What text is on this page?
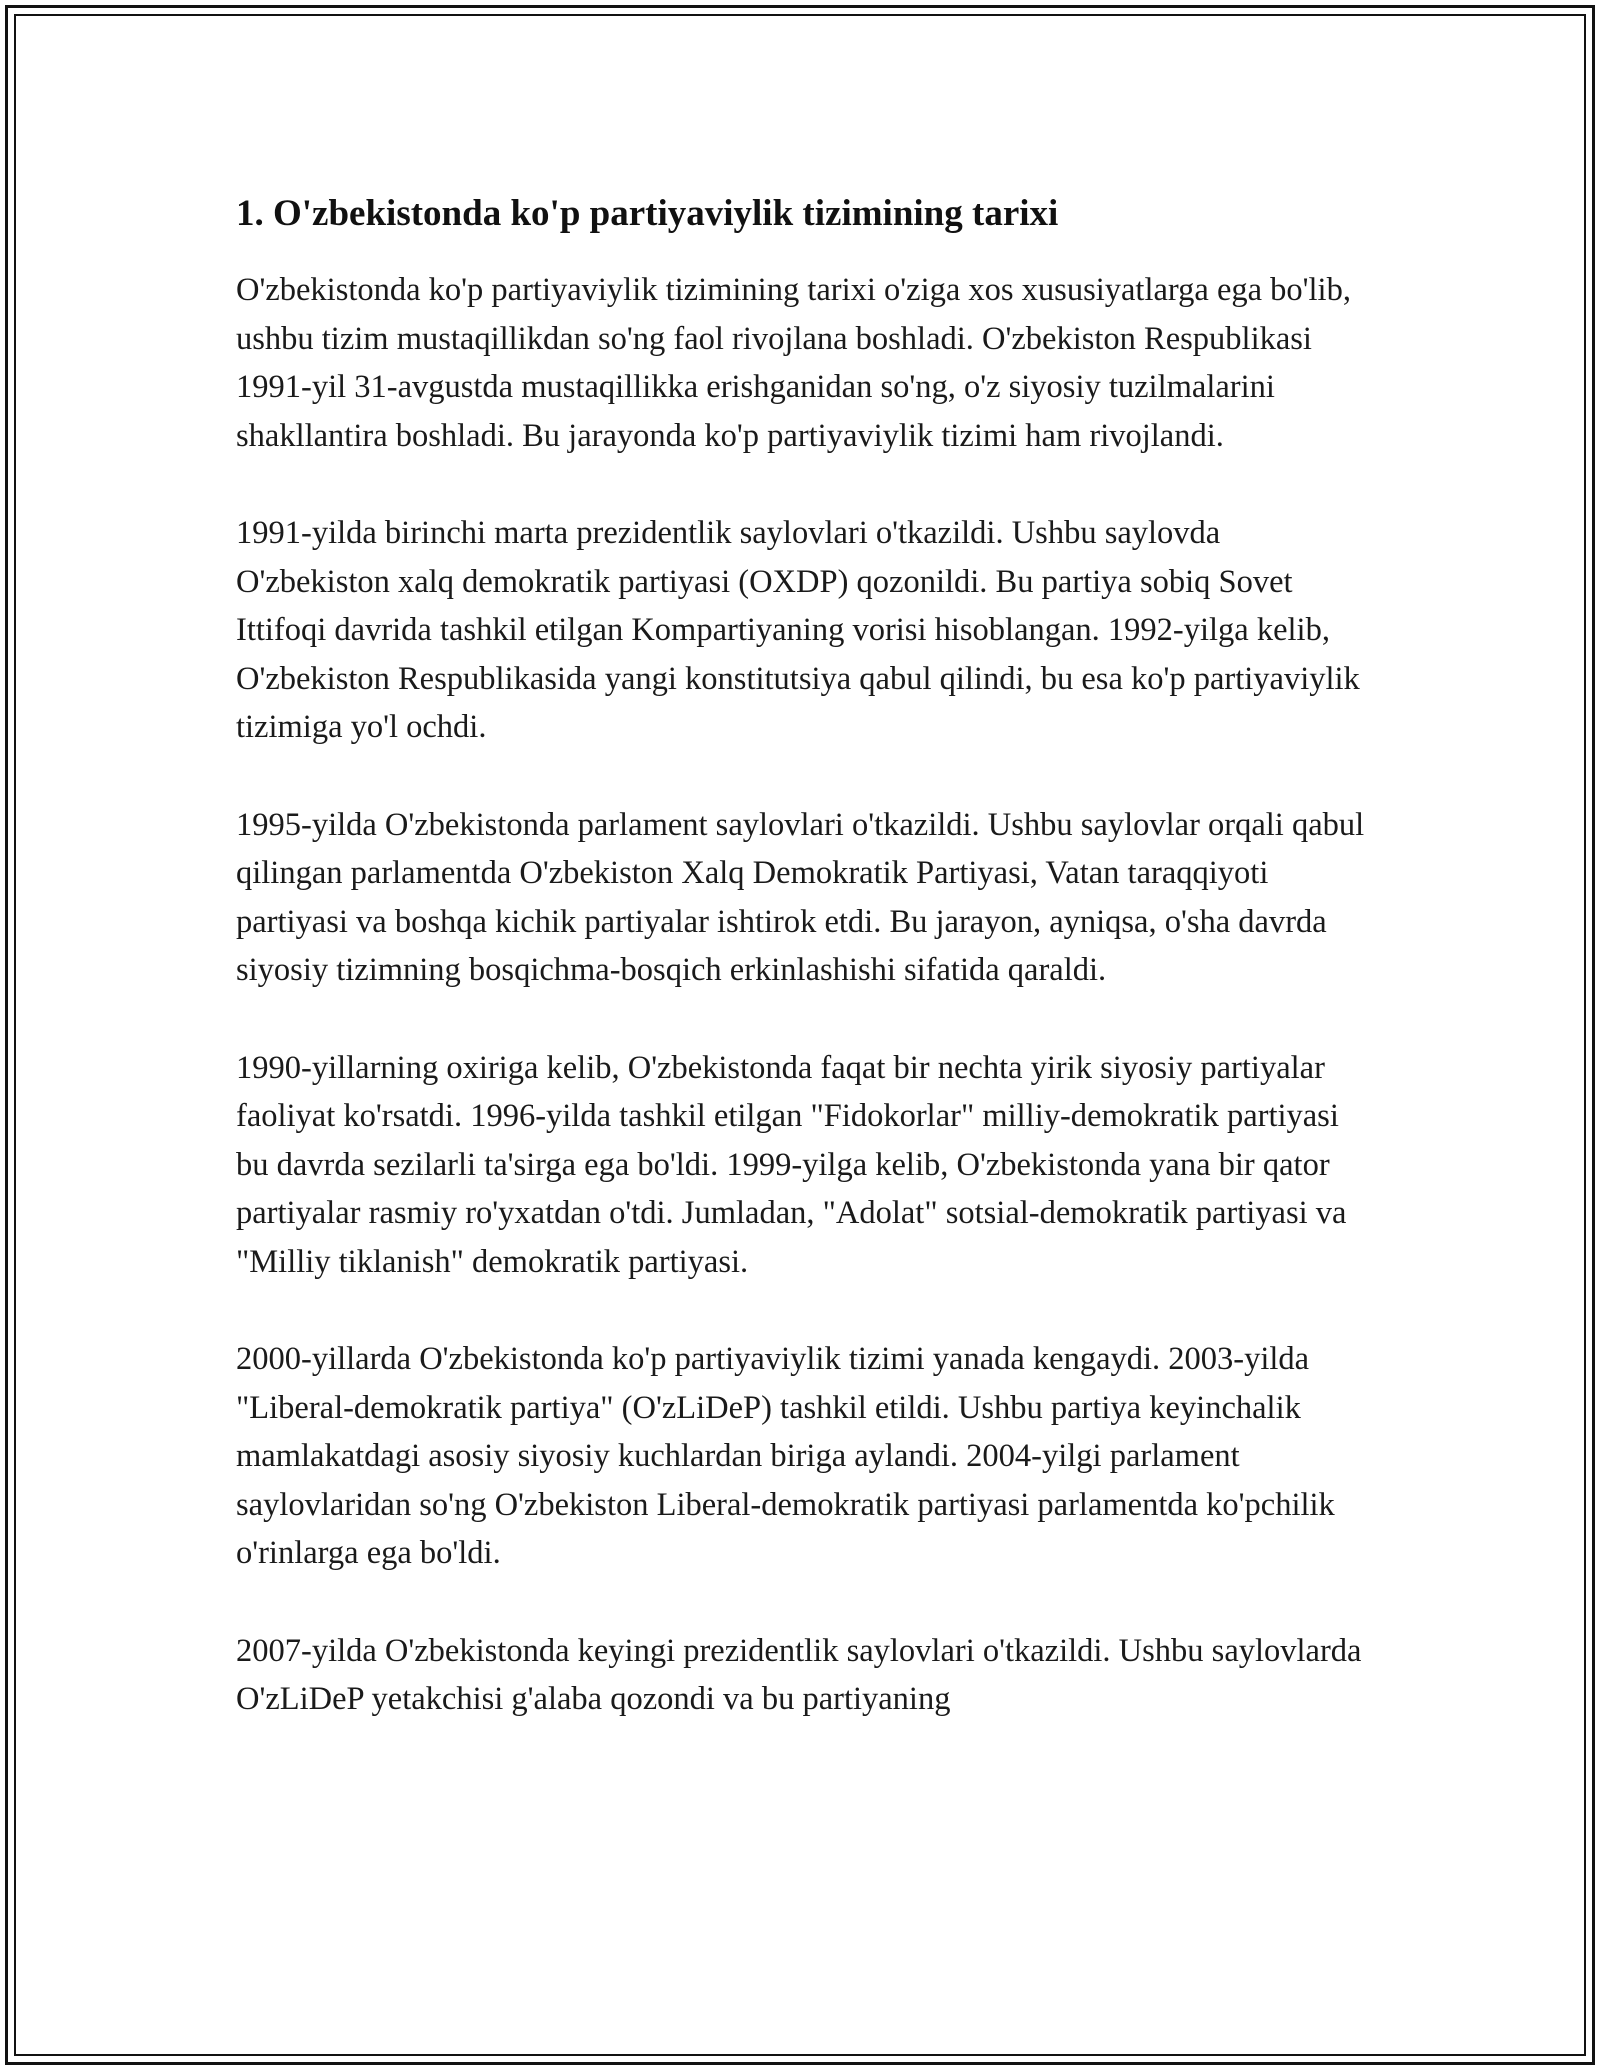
1. O'zbekistonda ko'p partiyaviylik tizimining tarixi

O'zbekistonda ko'p partiyaviylik tizimining tarixi o'ziga xos xususiyatlarga ega bo'lib, ushbu tizim mustaqillikdan so'ng faol rivojlana boshladi. O'zbekiston Respublikasi 1991-yil 31-avgustda mustaqillikka erishganidan so'ng, o'z siyosiy tuzilmalarini shakllantira boshladi. Bu jarayonda ko'p partiyaviylik tizimi ham rivojlandi.

1991-yilda birinchi marta prezidentlik saylovlari o'tkazildi. Ushbu saylovda O'zbekiston xalq demokratik partiyasi (OXDP) qozonildi. Bu partiya sobiq Sovet Ittifoqi davrida tashkil etilgan Kompartiyaning vorisi hisoblangan. 1992-yilga kelib, O'zbekiston Respublikasida yangi konstitutsiya qabul qilindi, bu esa ko'p partiyaviylik tizimiga yo'l ochdi.

1995-yilda O'zbekistonda parlament saylovlari o'tkazildi. Ushbu saylovlar orqali qabul qilingan parlamentda O'zbekiston Xalq Demokratik Partiyasi, Vatan taraqqiyoti partiyasi va boshqa kichik partiyalar ishtirok etdi. Bu jarayon, ayniqsa, o'sha davrda siyosiy tizimning bosqichma-bosqich erkinlashishi sifatida qaraldi.

1990-yillarning oxiriga kelib, O'zbekistonda faqat bir nechta yirik siyosiy partiyalar faoliyat ko'rsatdi. 1996-yilda tashkil etilgan "Fidokorlar" milliy-demokratik partiyasi bu davrda sezilarli ta'sirga ega bo'ldi. 1999-yilga kelib, O'zbekistonda yana bir qator partiyalar rasmiy ro'yxatdan o'tdi. Jumladan, "Adolat" sotsial-demokratik partiyasi va "Milliy tiklanish" demokratik partiyasi.

2000-yillarda O'zbekistonda ko'p partiyaviylik tizimi yanada kengaydi. 2003-yilda "Liberal-demokratik partiya" (O'zLiDeP) tashkil etildi. Ushbu partiya keyinchalik mamlakatdagi asosiy siyosiy kuchlardan biriga aylandi. 2004-yilgi parlament saylovlaridan so'ng O'zbekiston Liberal-demokratik partiyasi parlamentda ko'pchilik o'rinlarga ega bo'ldi.

2007-yilda O'zbekistonda keyingi prezidentlik saylovlari o'tkazildi. Ushbu saylovlarda O'zLiDeP yetakchisi g'alaba qozondi va bu partiyaning
